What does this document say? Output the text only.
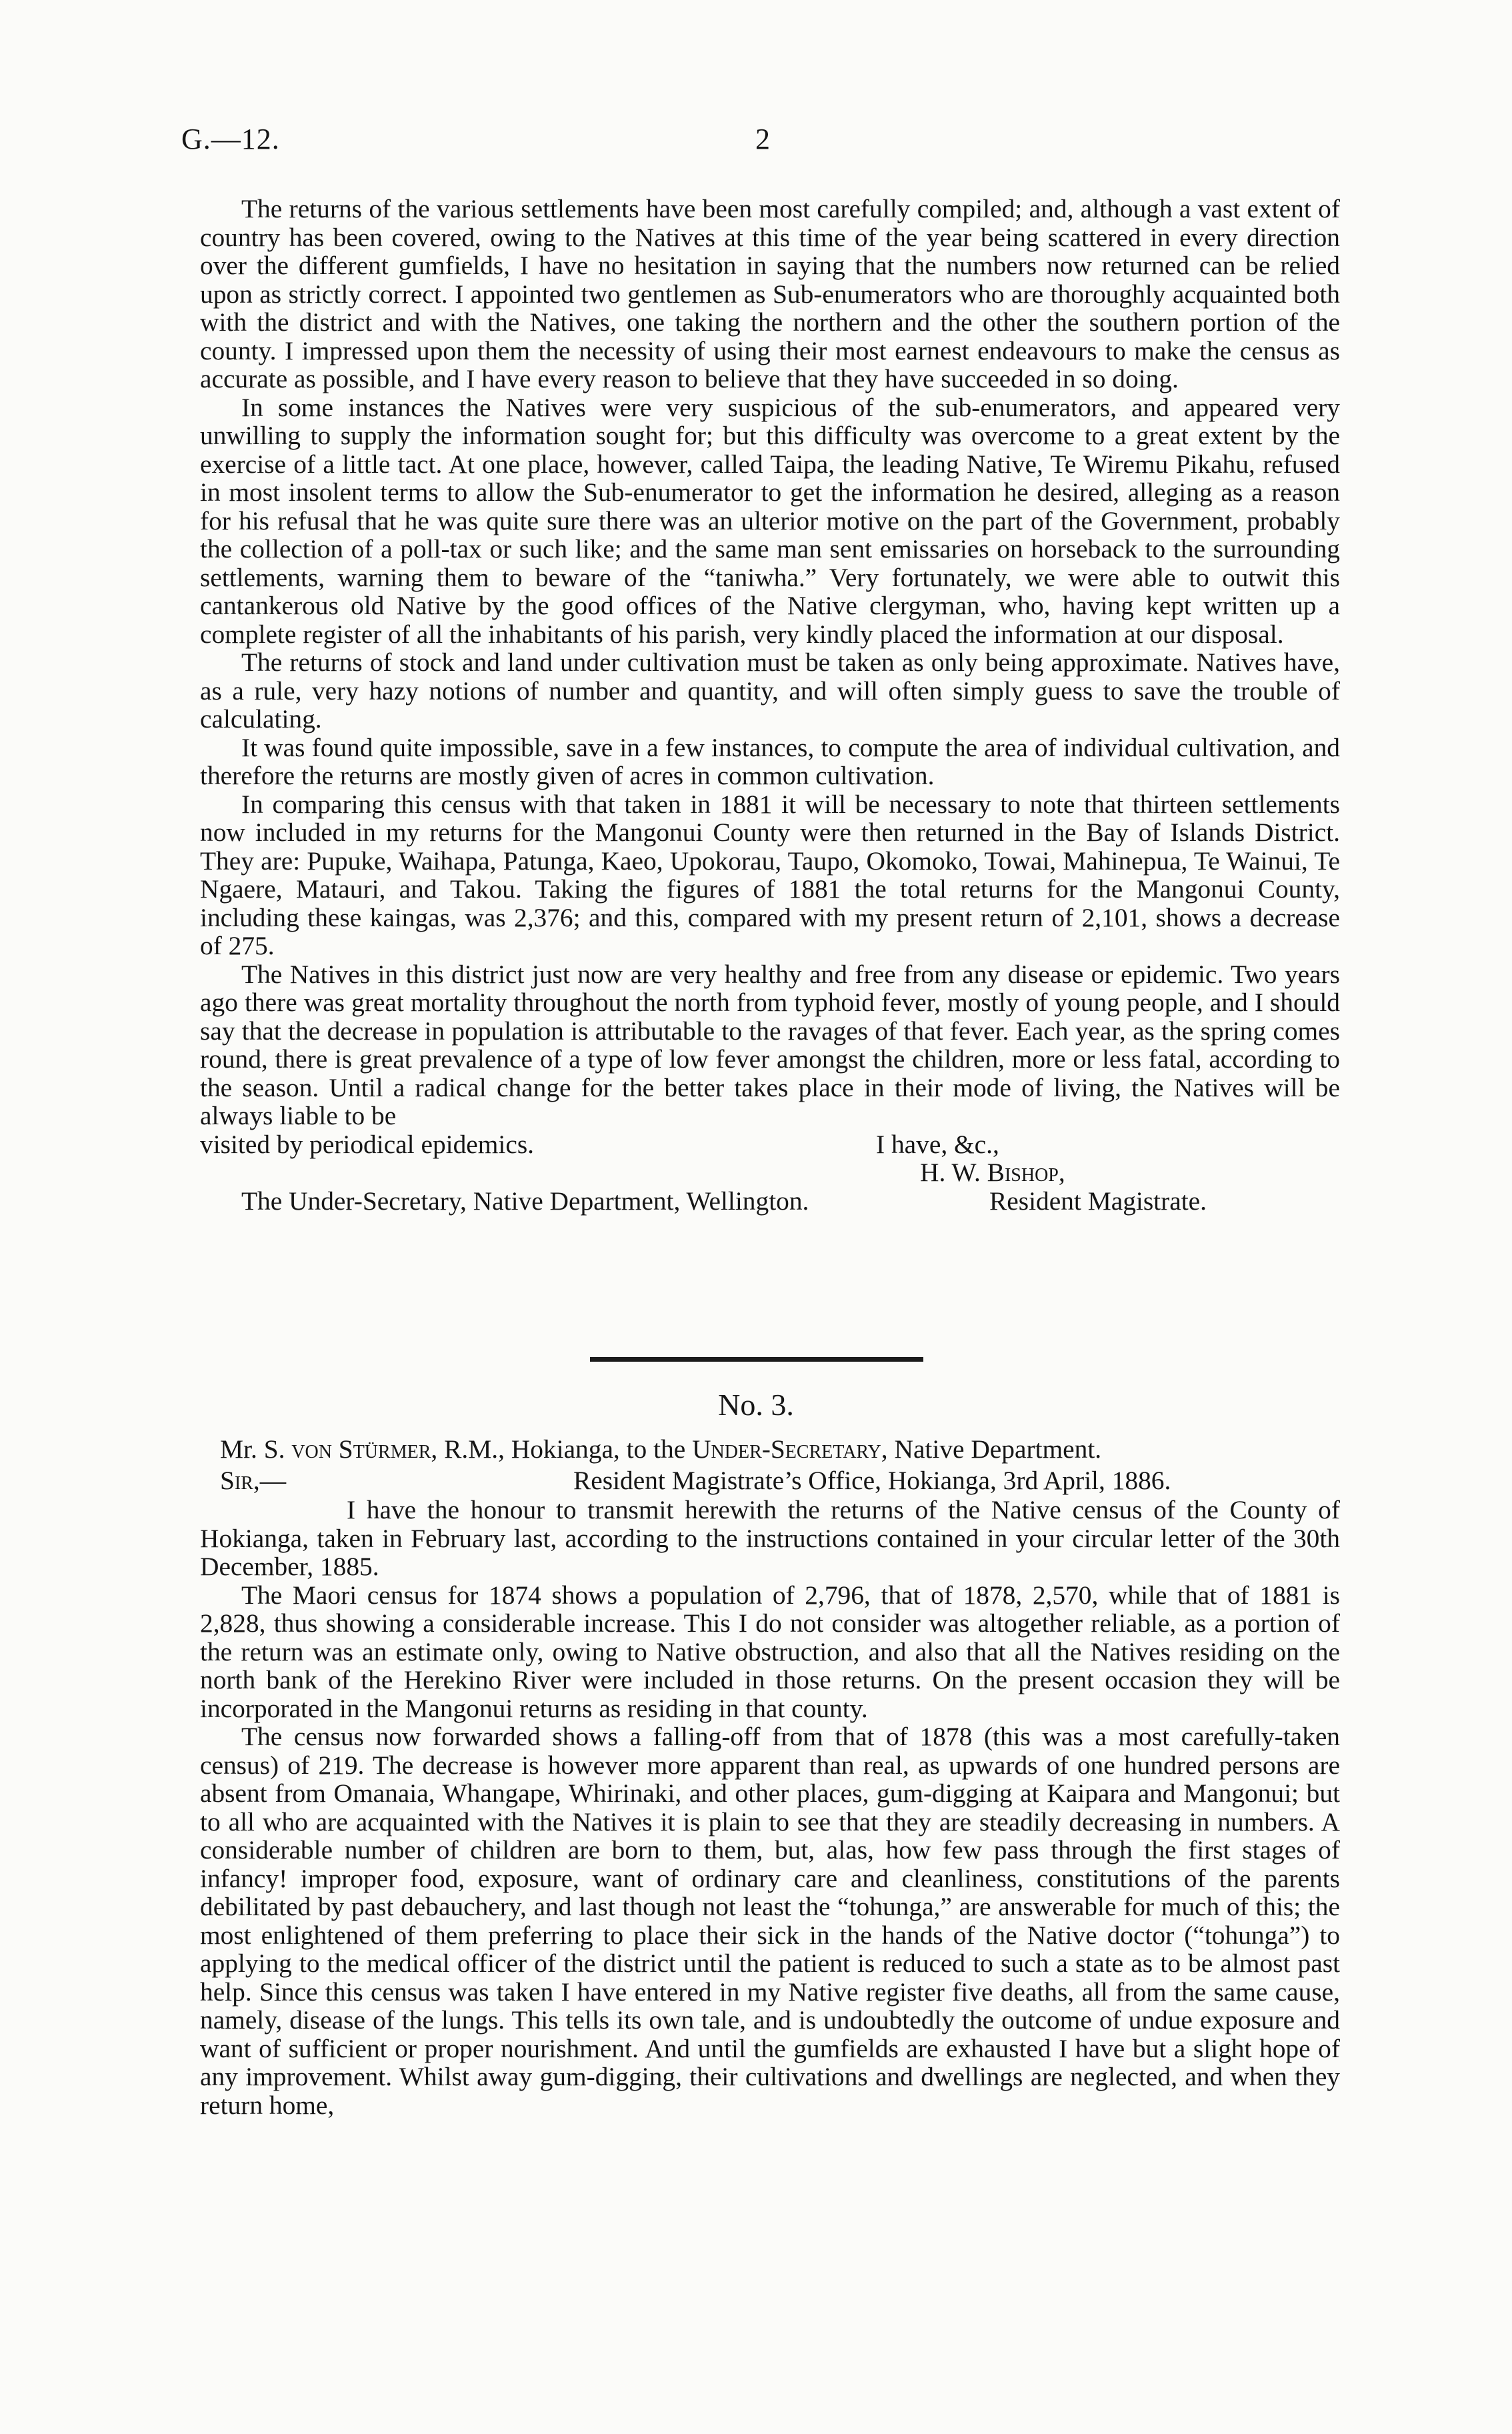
G.—12.	2

The returns of the various settlements have been most carefully compiled; and, although a vast extent of country has been covered, owing to the Natives at this time of the year being scattered in every direction over the different gumfields, I have no hesitation in saying that the numbers now returned can be relied upon as strictly correct. I appointed two gentlemen as Sub-enumerators who are thoroughly acquainted both with the district and with the Natives, one taking the northern and the other the southern portion of the county. I impressed upon them the necessity of using their most earnest endeavours to make the census as accurate as possible, and I have every reason to believe that they have succeeded in so doing.

In some instances the Natives were very suspicious of the sub-enumerators, and appeared very unwilling to supply the information sought for; but this difficulty was overcome to a great extent by the exercise of a little tact. At one place, however, called Taipa, the leading Native, Te Wiremu Pikahu, refused in most insolent terms to allow the Sub-enumerator to get the information he desired, alleging as a reason for his refusal that he was quite sure there was an ulterior motive on the part of the Government, probably the collection of a poll-tax or such like; and the same man sent emissaries on horseback to the surrounding settlements, warning them to beware of the “taniwha.” Very fortunately, we were able to outwit this cantankerous old Native by the good offices of the Native clergyman, who, having kept written up a complete register of all the inhabitants of his parish, very kindly placed the information at our disposal.

The returns of stock and land under cultivation must be taken as only being approximate. Natives have, as a rule, very hazy notions of number and quantity, and will often simply guess to save the trouble of calculating.

It was found quite impossible, save in a few instances, to compute the area of individual cultivation, and therefore the returns are mostly given of acres in common cultivation.

In comparing this census with that taken in 1881 it will be necessary to note that thirteen settlements now included in my returns for the Mangonui County were then returned in the Bay of Islands District. They are: Pupuke, Waihapa, Patunga, Kaeo, Upokorau, Taupo, Okomoko, Towai, Mahinepua, Te Wainui, Te Ngaere, Matauri, and Takou. Taking the figures of 1881 the total returns for the Mangonui County, including these kaingas, was 2,376; and this, compared with my present return of 2,101, shows a decrease of 275.

The Natives in this district just now are very healthy and free from any disease or epidemic. Two years ago there was great mortality throughout the north from typhoid fever, mostly of young people, and I should say that the decrease in population is attributable to the ravages of that fever. Each year, as the spring comes round, there is great prevalence of a type of low fever amongst the children, more or less fatal, according to the season. Until a radical change for the better takes place in their mode of living, the Natives will be always liable to be

visited by periodical epidemics.	I have, &c.,
H. W. Bishop,
The Under-Secretary, Native Department, Wellington.	Resident Magistrate.
No. 3.
Mr. S. von Stürmer, R.M., Hokianga, to the Under-Secretary, Native Department.
Sir,—	Resident Magistrate’s Office, Hokianga, 3rd April, 1886.

I have the honour to transmit herewith the returns of the Native census of the County of Hokianga, taken in February last, according to the instructions contained in your circular letter of the 30th December, 1885.

The Maori census for 1874 shows a population of 2,796, that of 1878, 2,570, while that of 1881 is 2,828, thus showing a considerable increase. This I do not consider was altogether reliable, as a portion of the return was an estimate only, owing to Native obstruction, and also that all the Natives residing on the north bank of the Herekino River were included in those returns. On the present occasion they will be incorporated in the Mangonui returns as residing in that county.

The census now forwarded shows a falling-off from that of 1878 (this was a most carefully-taken census) of 219. The decrease is however more apparent than real, as upwards of one hundred persons are absent from Omanaia, Whangape, Whirinaki, and other places, gum-digging at Kaipara and Mangonui; but to all who are acquainted with the Natives it is plain to see that they are steadily decreasing in numbers. A considerable number of children are born to them, but, alas, how few pass through the first stages of infancy! improper food, exposure, want of ordinary care and cleanliness, constitutions of the parents debilitated by past debauchery, and last though not least the “tohunga,” are answerable for much of this; the most enlightened of them preferring to place their sick in the hands of the Native doctor (“tohunga”) to applying to the medical officer of the district until the patient is reduced to such a state as to be almost past help. Since this census was taken I have entered in my Native register five deaths, all from the same cause, namely, disease of the lungs. This tells its own tale, and is undoubtedly the outcome of undue exposure and want of sufficient or proper nourishment. And until the gumfields are exhausted I have but a slight hope of any improvement. Whilst away gum-digging, their cultivations and dwellings are neglected, and when they return home,
